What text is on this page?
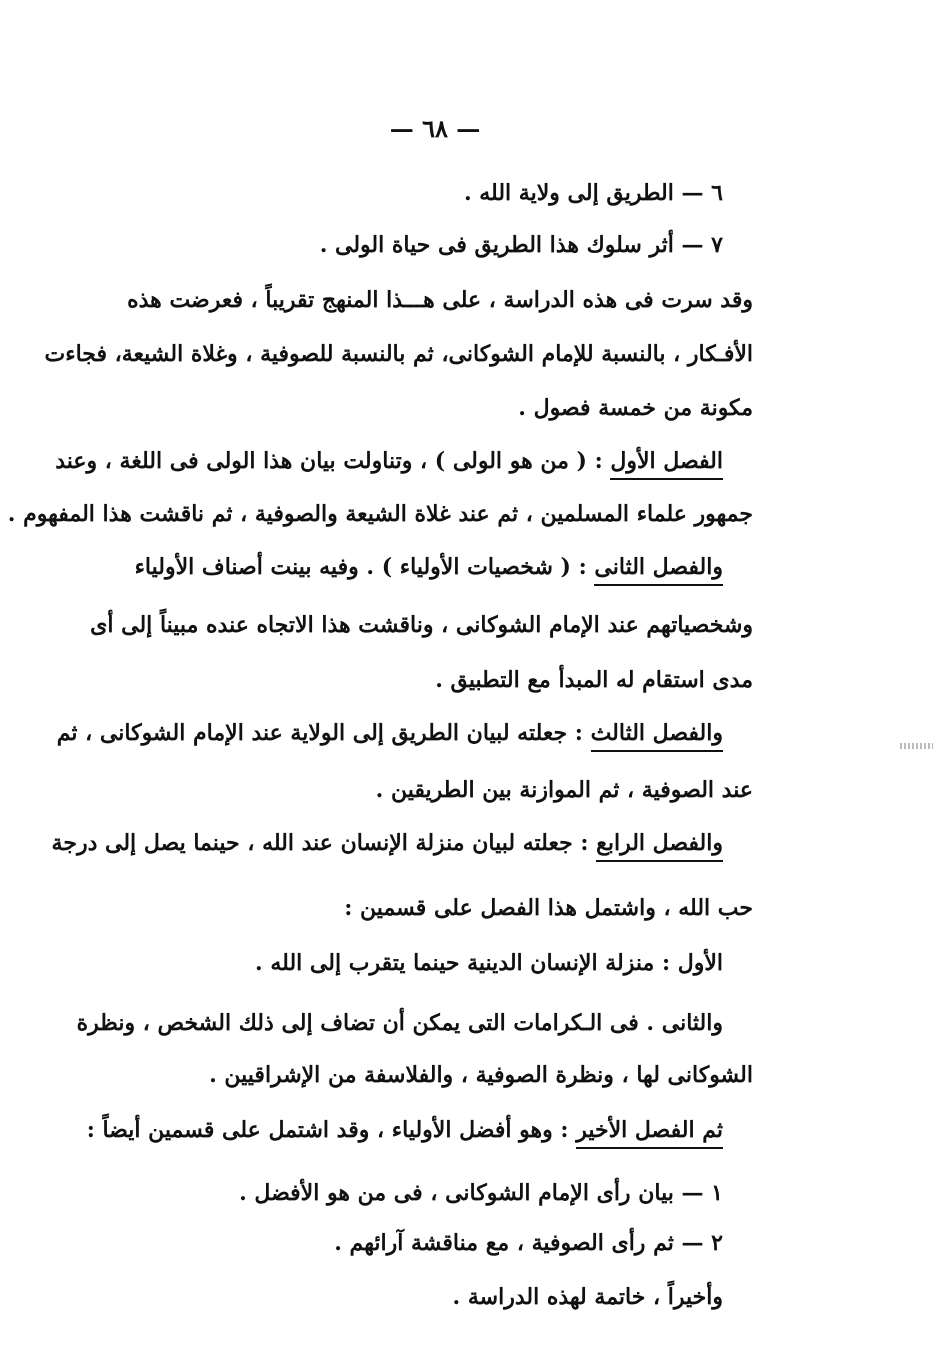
— ٦٨ —
٦ — الطريق إلى ولاية الله .
٧ — أثر سلوك هذا الطريق فى حياة الولى .
وقد سرت فى هذه الدراسة ، على هـــذا المنهج تقريباً ، فعرضت هذه
الأفـكار ، بالنسبة للإمام الشوكانى، ثم بالنسبة للصوفية ، وغلاة الشيعة، فجاءت
مكونة من خمسة فصول .
الفصل الأول : ( من هو الولى ) ، وتناولت بيان هذا الولى فى اللغة ، وعند
جمهور علماء المسلمين ، ثم عند غلاة الشيعة والصوفية ، ثم ناقشت هذا المفهوم .
والفصل الثانى : ( شخصيات الأولياء ) . وفيه بينت أصناف الأولياء
وشخصياتهم عند الإمام الشوكانى ، وناقشت هذا الاتجاه عنده مبيناً إلى أى
مدى استقام له المبدأ مع التطبيق .
والفصل الثالث : جعلته لبيان الطريق إلى الولاية عند الإمام الشوكانى ، ثم
عند الصوفية ، ثم الموازنة بين الطريقين .
والفصل الرابع : جعلته لبيان منزلة الإنسان عند الله ، حينما يصل إلى درجة
حب الله ، واشتمل هذا الفصل على قسمين :
الأول : منزلة الإنسان الدينية حينما يتقرب إلى الله .
والثانى . فى الـكرامات التى يمكن أن تضاف إلى ذلك الشخص ، ونظرة
الشوكانى لها ، ونظرة الصوفية ، والفلاسفة من الإشراقيين .
ثم الفصل الأخير : وهو أفضل الأولياء ، وقد اشتمل على قسمين أيضاً :
١ — بيان رأى الإمام الشوكانى ، فى من هو الأفضل .
٢ — ثم رأى الصوفية ، مع مناقشة آرائهم .
وأخيراً ، خاتمة لهذه الدراسة .
